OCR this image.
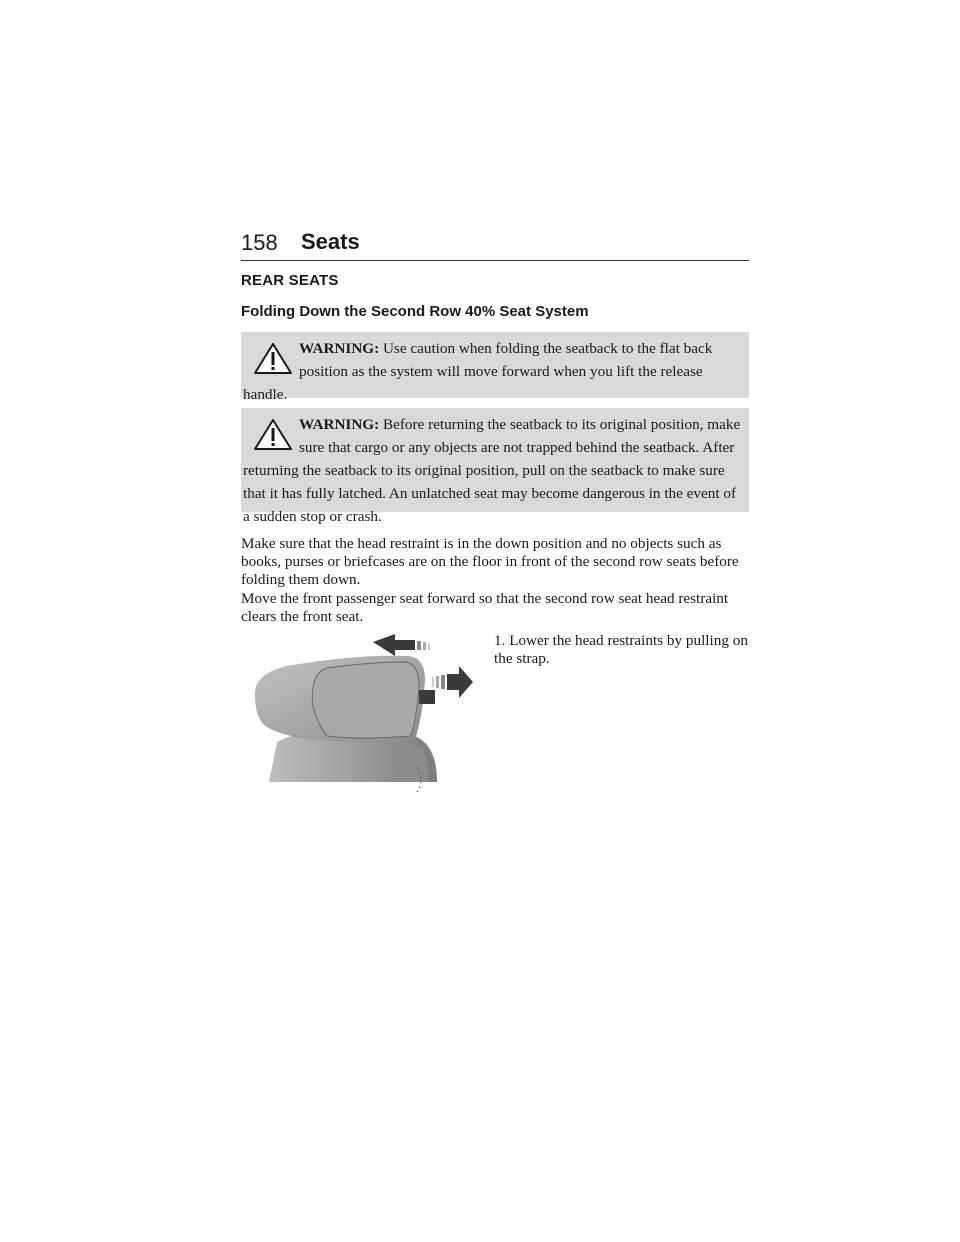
158 Seats
REAR SEATS
Folding Down the Second Row 40% Seat System
WARNING: Use caution when folding the seatback to the flat back position as the system will move forward when you lift the release handle.
WARNING: Before returning the seatback to its original position, make sure that cargo or any objects are not trapped behind the seatback. After returning the seatback to its original position, pull on the seatback to make sure that it has fully latched. An unlatched seat may become dangerous in the event of a sudden stop or crash.
Make sure that the head restraint is in the down position and no objects such as books, purses or briefcases are on the floor in front of the second row seats before folding them down.
Move the front passenger seat forward so that the second row seat head restraint clears the front seat.
1. Lower the head restraints by pulling on the strap.
